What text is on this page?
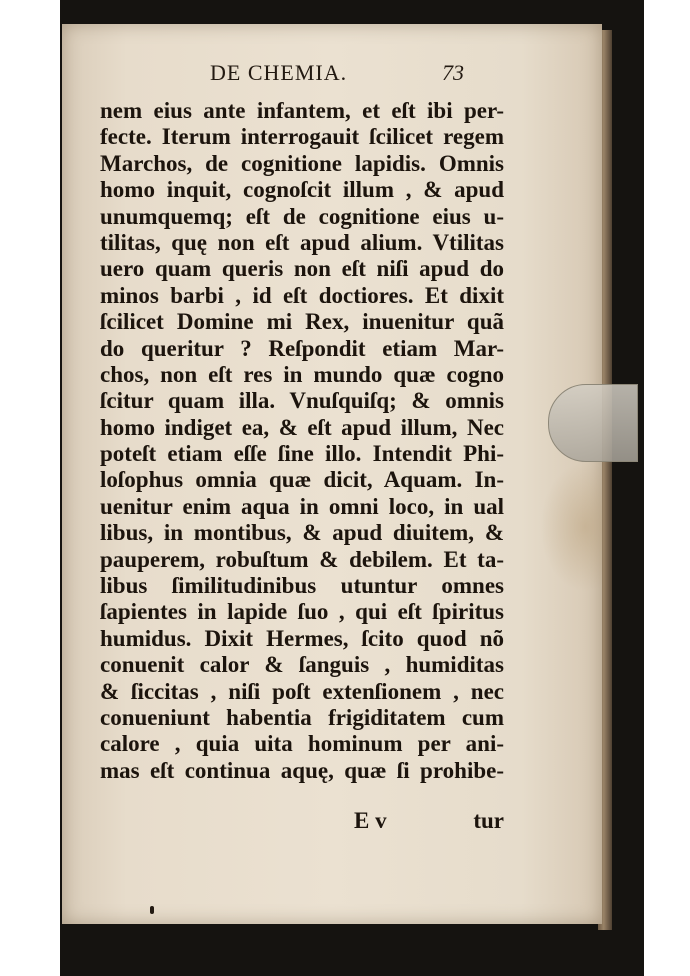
DE CHEMIA.	73
nem eius ante infantem, et eſt ibi per-
fecte. Iterum interrogauit ſcilicet regem
Marchos, de cognitione lapidis. Omnis
homo inquit, cognoſcit illum , & apud
unumquemq; eſt de cognitione eius u-
tilitas, quę non eſt apud alium. Vtilitas
uero quam queris non eſt niſi apud do
minos barbi , id eſt doctiores. Et dixit
ſcilicet Domine mi Rex, inuenitur quã
do queritur ? Reſpondit etiam Mar-
chos, non eſt res in mundo quæ cogno
ſcitur quam illa. Vnuſquiſq; & omnis
homo indiget ea, & eſt apud illum, Nec
poteſt etiam eſſe ſine illo. Intendit Phi-
loſophus omnia quæ dicit, Aquam. In-
uenitur enim aqua in omni loco, in ual
libus, in montibus, & apud diuitem, &
pauperem, robuſtum & debilem. Et ta-
libus ſimilitudinibus utuntur omnes
ſapientes in lapide ſuo , qui eſt ſpiritus
humidus. Dixit Hermes, ſcito quod nõ
conuenit calor & ſanguis , humiditas
& ſiccitas , niſi poſt extenſionem , nec
conueniunt habentia frigiditatem cum
calore , quia uita hominum per ani-
mas eſt continua aquę, quæ ſi prohibe-
E v	tur
